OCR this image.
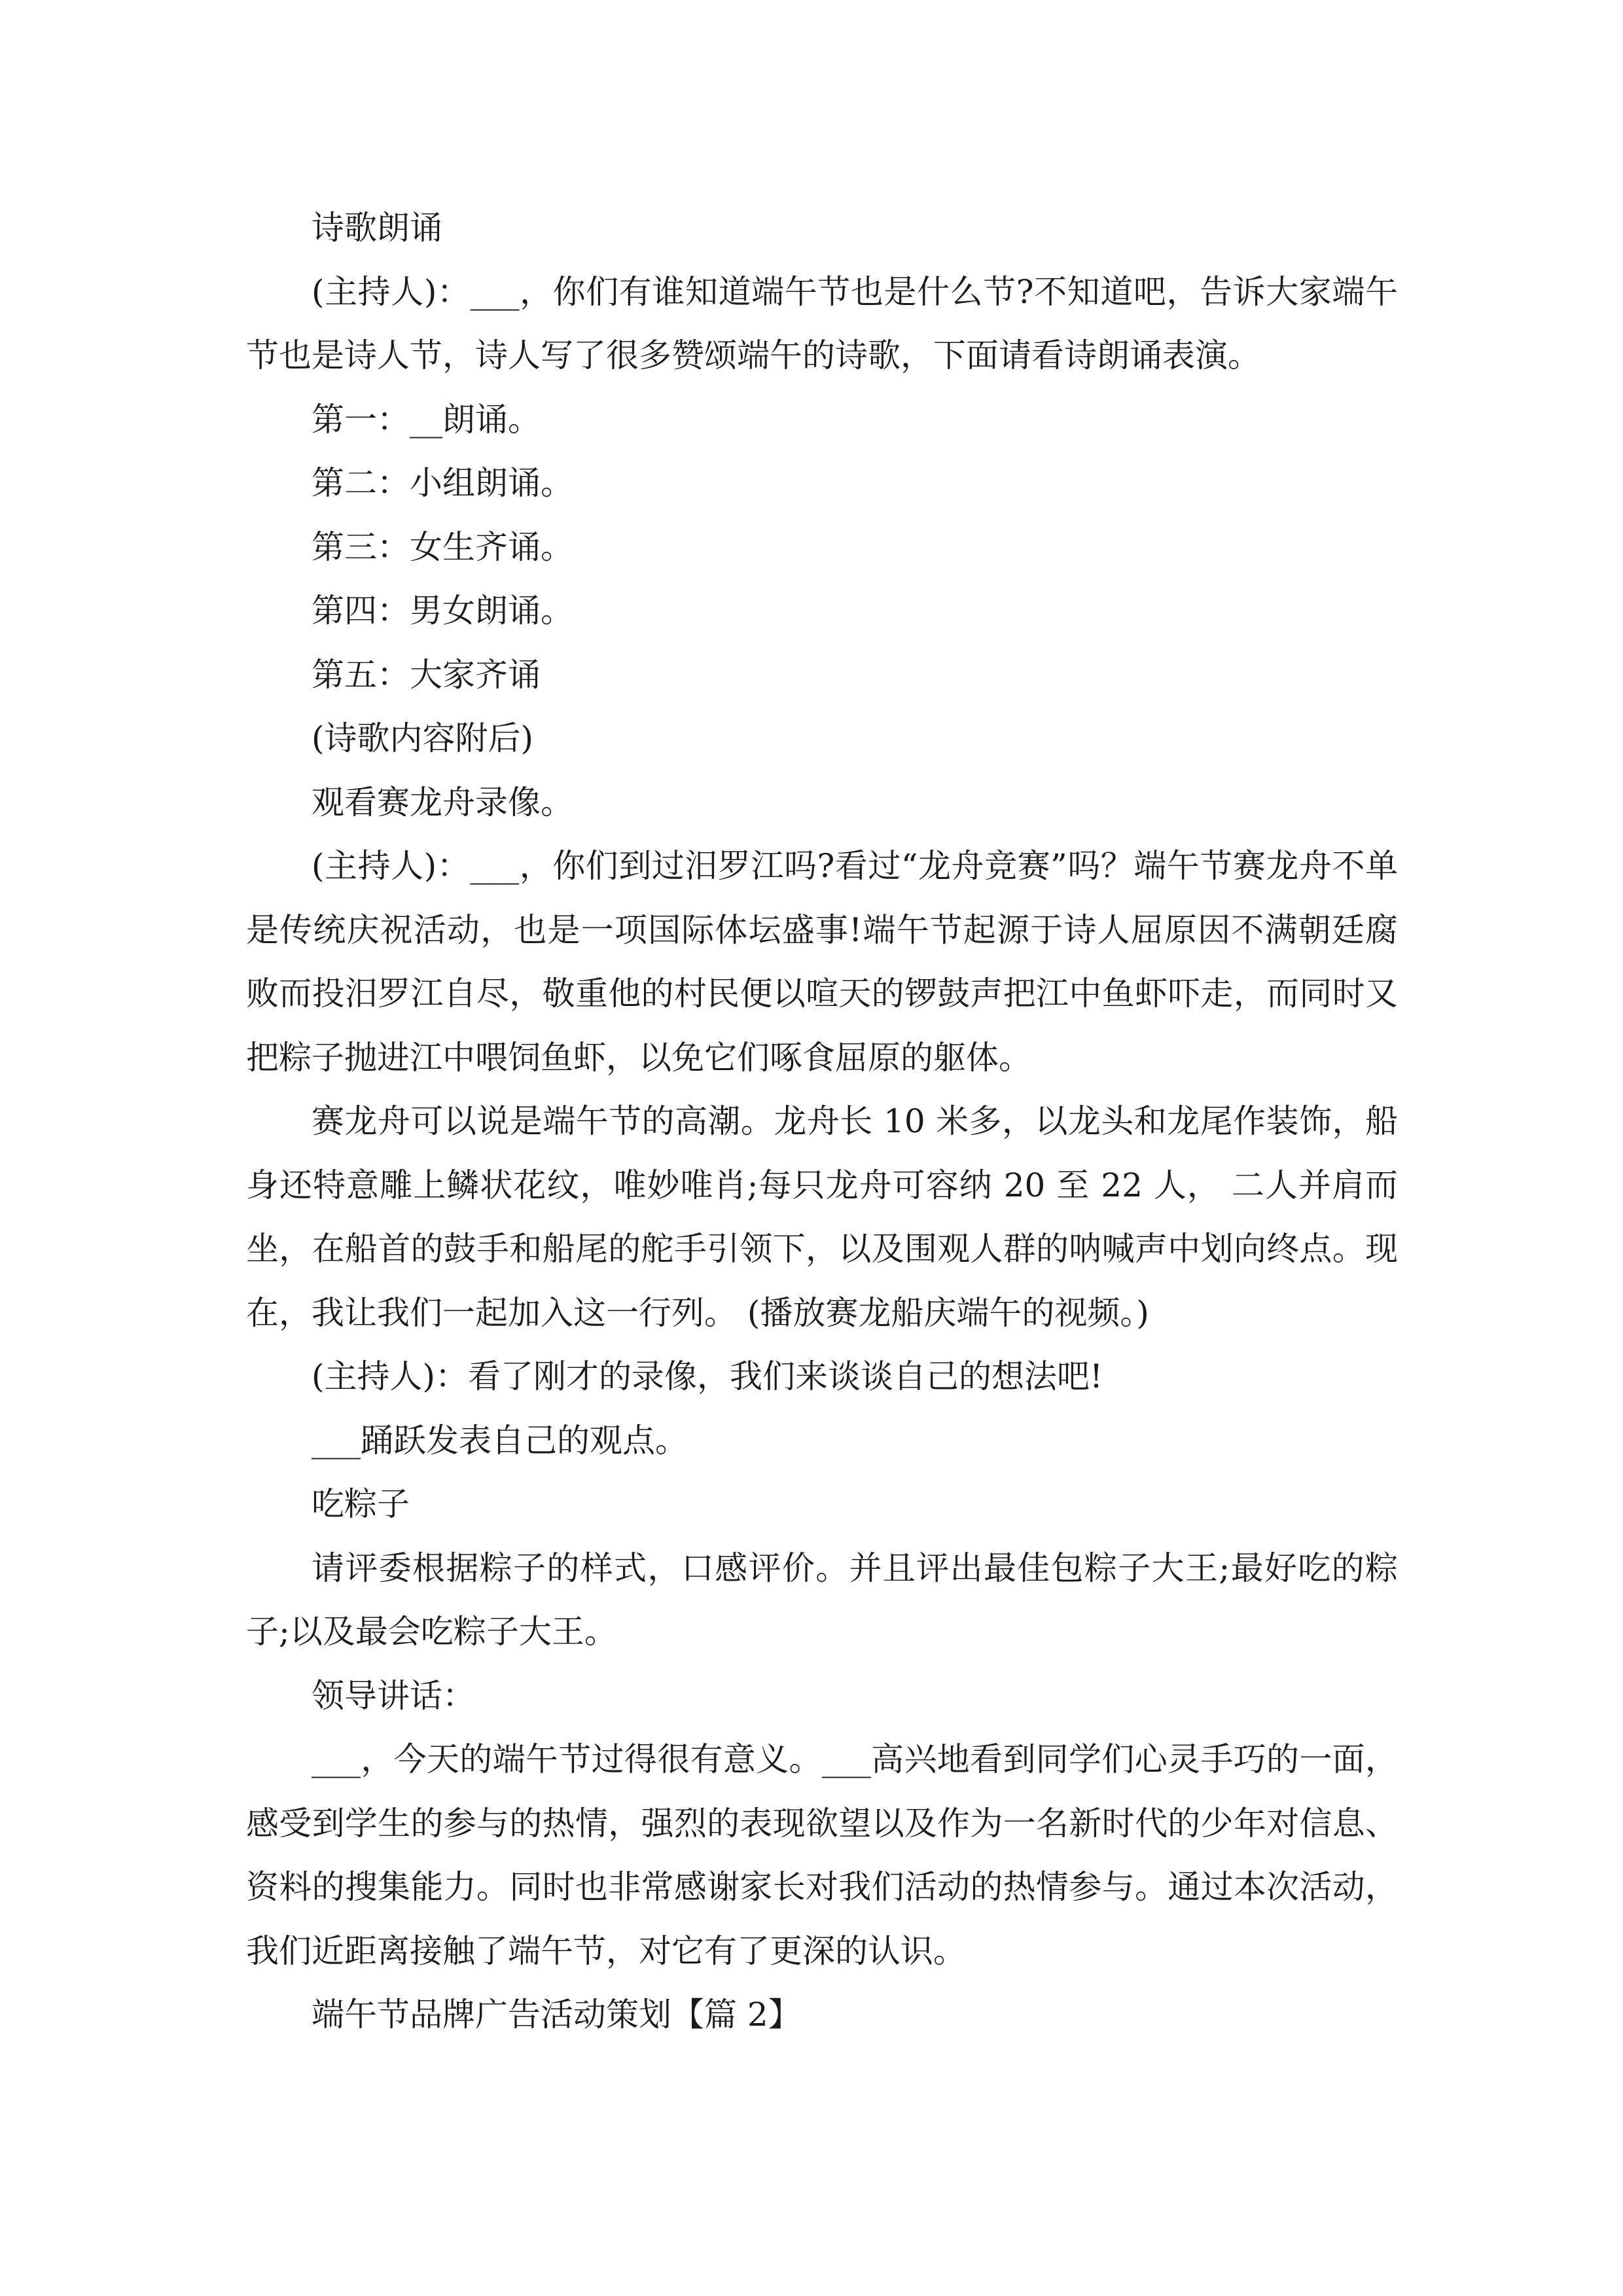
诗歌朗诵

(主持人)：___，你们有谁知道端午节也是什么节?不知道吧，告诉大家端午节也是诗人节，诗人写了很多赞颂端午的诗歌，下面请看诗朗诵表演。

第一：__朗诵。

第二：小组朗诵。

第三：女生齐诵。

第四：男女朗诵。

第五：大家齐诵

(诗歌内容附后)

观看赛龙舟录像。

(主持人)：___，你们到过汨罗江吗?看过“龙舟竞赛”吗？端午节赛龙舟不单是传统庆祝活动，也是一项国际体坛盛事!端午节起源于诗人屈原因不满朝廷腐败而投汨罗江自尽，敬重他的村民便以喧天的锣鼓声把江中鱼虾吓走，而同时又把粽子抛进江中喂饲鱼虾，以免它们啄食屈原的躯体。

赛龙舟可以说是端午节的高潮。龙舟长 10 米多，以龙头和龙尾作装饰，船身还特意雕上鳞状花纹，唯妙唯肖;每只龙舟可容纳 20 至 22 人， 二人并肩而坐，在船首的鼓手和船尾的舵手引领下，以及围观人群的呐喊声中划向终点。现在，我让我们一起加入这一行列。 (播放赛龙船庆端午的视频。)

(主持人)：看了刚才的录像，我们来谈谈自己的想法吧!

___踊跃发表自己的观点。

吃粽子

请评委根据粽子的样式，口感评价。并且评出最佳包粽子大王;最好吃的粽子;以及最会吃粽子大王。

领导讲话：

___，今天的端午节过得很有意义。___高兴地看到同学们心灵手巧的一面，感受到学生的参与的热情，强烈的表现欲望以及作为一名新时代的少年对信息、资料的搜集能力。同时也非常感谢家长对我们活动的热情参与。通过本次活动，我们近距离接触了端午节，对它有了更深的认识。

端午节品牌广告活动策划【篇 2】
